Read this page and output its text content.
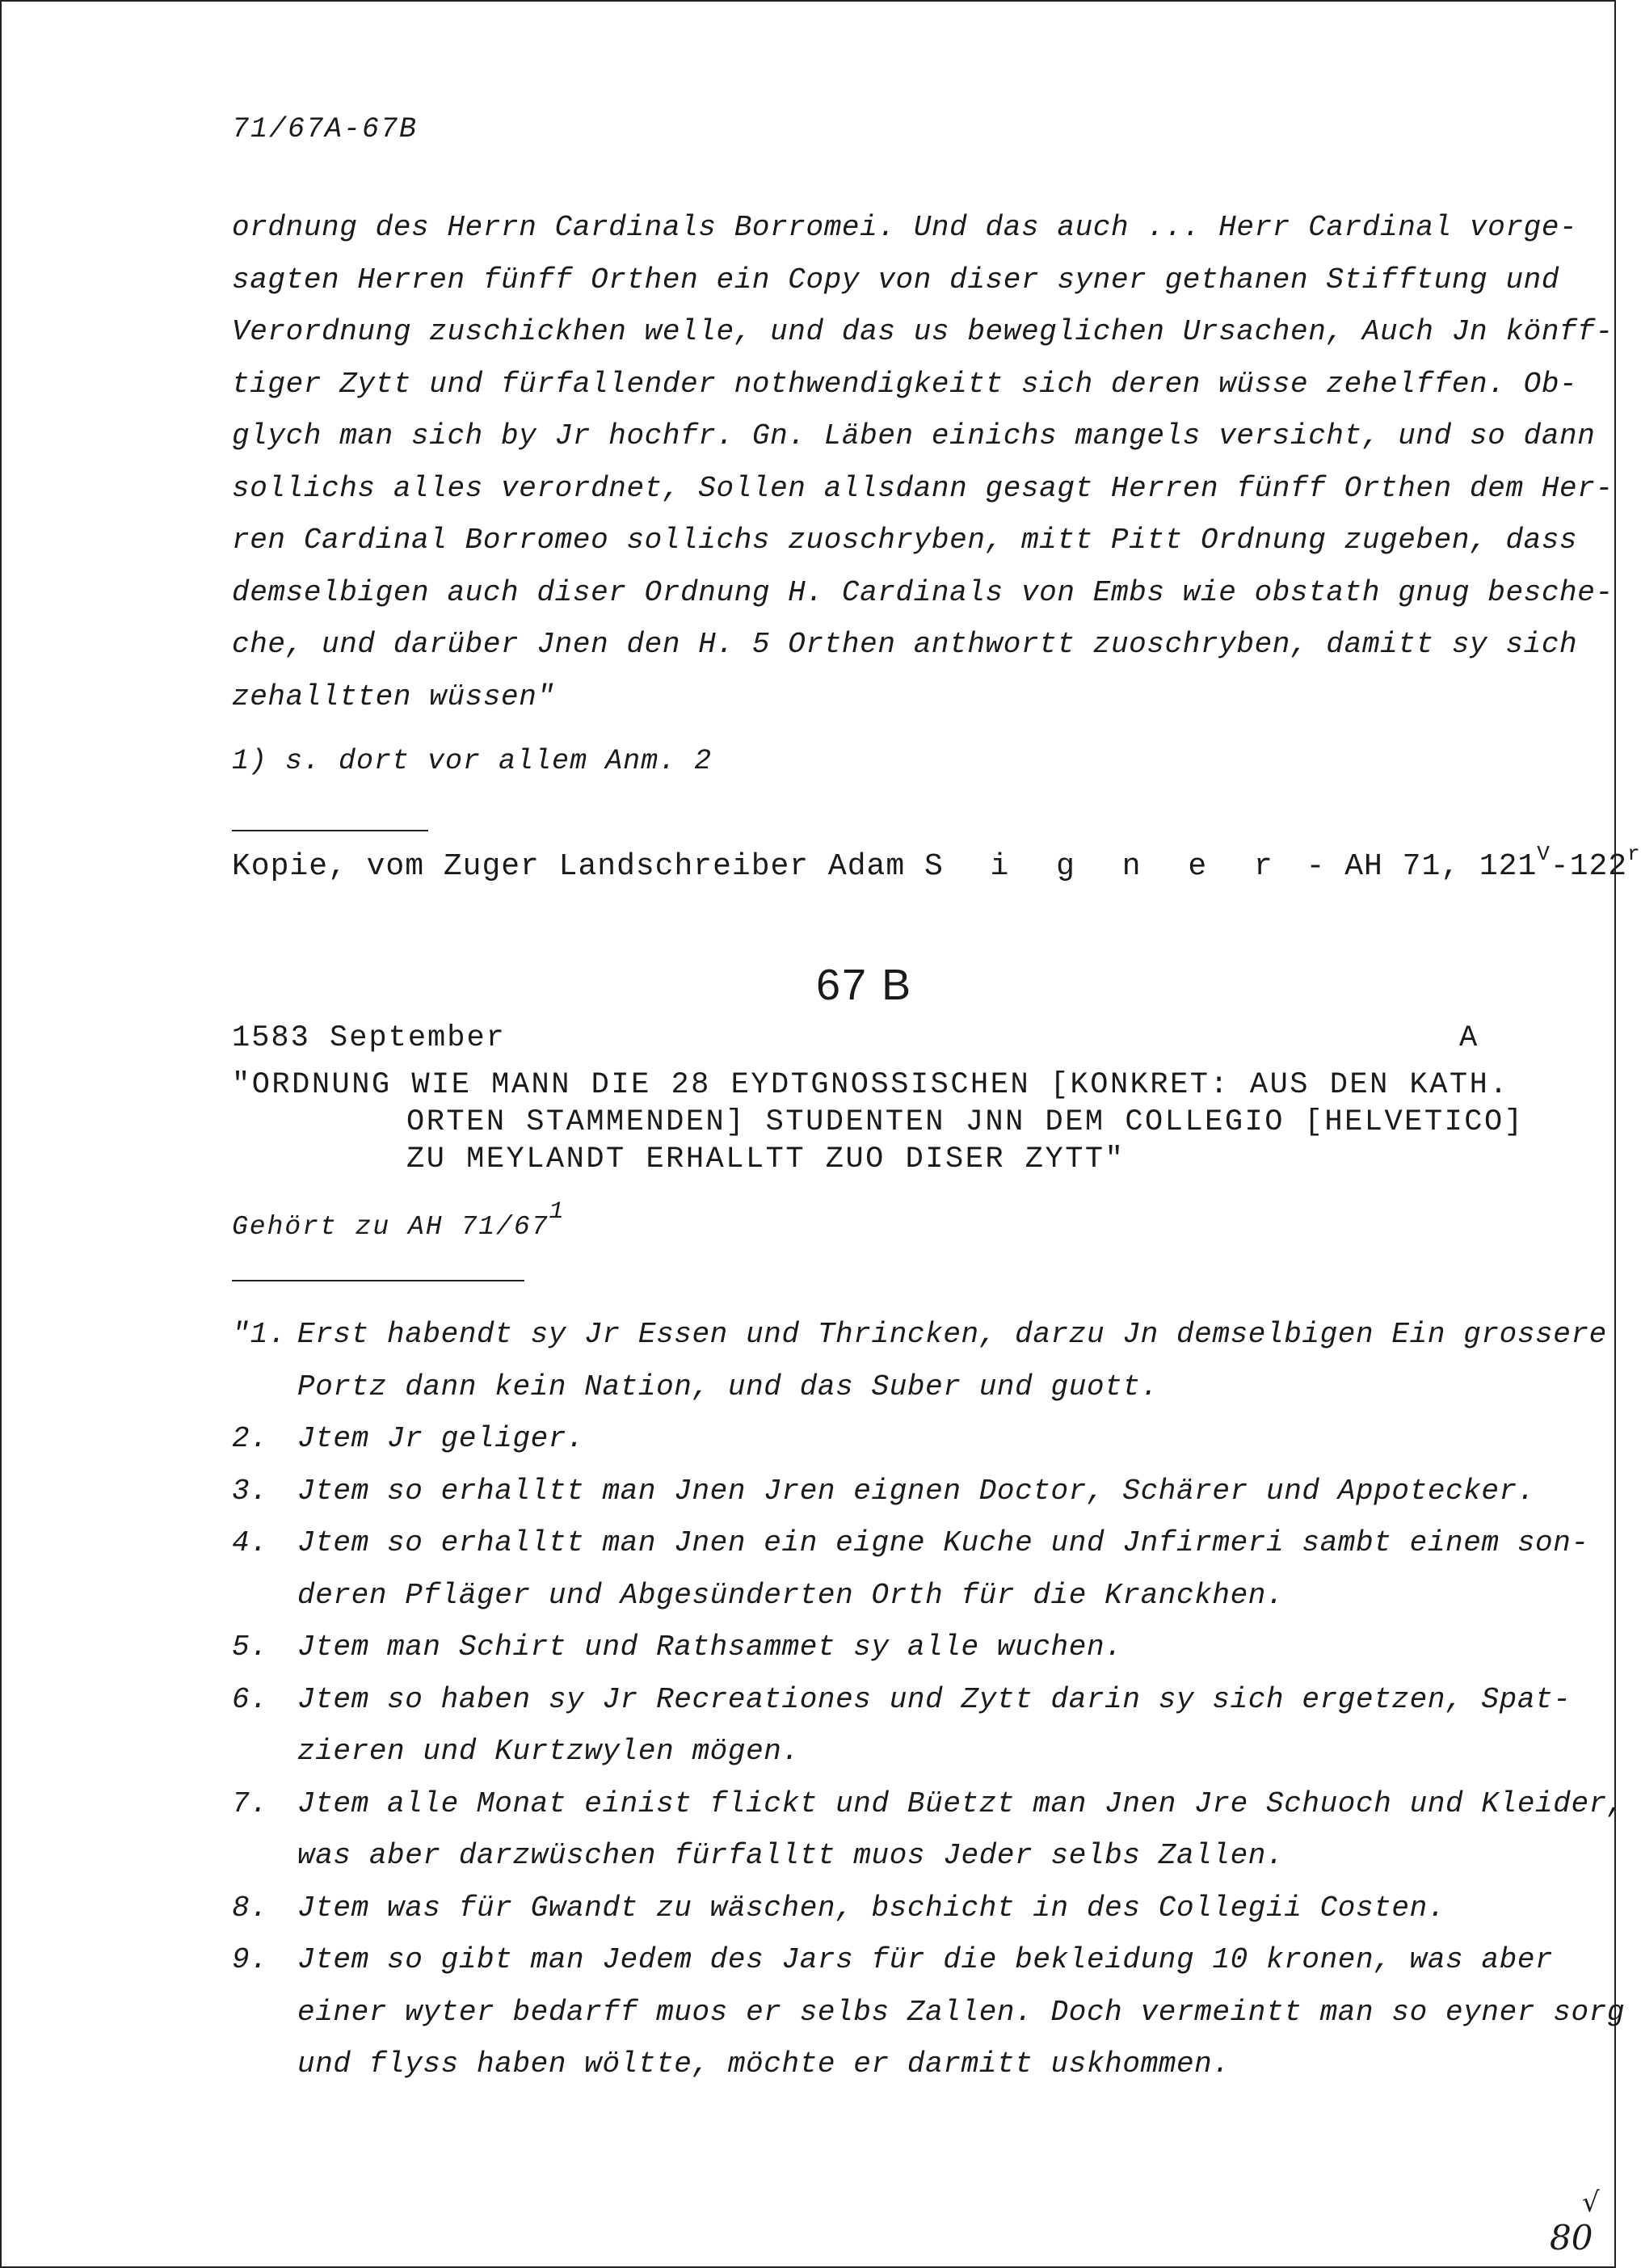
71/67A-67B
ordnung des Herrn Cardinals Borromei. Und das auch ... Herr Cardinal vorge-
sagten Herren fünff Orthen ein Copy von diser syner gethanen Stifftung und
Verordnung zuschickhen welle, und das us beweglichen Ursachen, Auch Jn könff-
tiger Zytt und fürfallender nothwendigkeitt sich deren wüsse zehelffen. Ob-
glych man sich by Jr hochfr. Gn. Läben einichs mangels versicht, und so dann
sollichs alles verordnet, Sollen allsdann gesagt Herren fünff Orthen dem Her-
ren Cardinal Borromeo sollichs zuoschryben, mitt Pitt Ordnung zugeben, dass
demselbigen auch diser Ordnung H. Cardinals von Embs wie obstath gnug besche-
che, und darüber Jnen den H. 5 Orthen anthwortt zuoschryben, damitt sy sich
zehalltten wüssen"
1) s. dort vor allem Anm. 2
Kopie, vom Zuger Landschreiber Adam S i g n e r - AH 71, $121^V-122^r$
67 B
1583 September	A
"ORDNUNG WIE MANN DIE 28 EYDTGNOSSISCHEN [KONKRET: AUS DEN KATH.
ORTEN STAMMENDEN] STUDENTEN JNN DEM COLLEGIO [HELVETICO]
ZU MEYLANDT ERHALLTT ZUO DISER ZYTT"
Gehört zu AH $71/67^1$
"1. Erst habendt sy Jr Essen und Thrincken, darzu Jn demselbigen Ein grossere
Portz dann kein Nation, und das Suber und guott.
2. Jtem Jr geliger.
3. Jtem so erhalltt man Jnen Jren eignen Doctor, Schärer und Appotecker.
4. Jtem so erhalltt man Jnen ein eigne Kuche und Jnfirmeri sambt einem son-
deren Pfläger und Abgesünderten Orth für die Kranckhen.
5. Jtem man Schirt und Rathsammet sy alle wuchen.
6. Jtem so haben sy Jr Recreationes und Zytt darin sy sich ergetzen, Spat-
zieren und Kurtzwylen mögen.
7. Jtem alle Monat einist flickt und Büetzt man Jnen Jre Schuoch und Kleider,
was aber darzwüschen fürfalltt muos Jeder selbs Zallen.
8. Jtem was für Gwandt zu wäschen, bschicht in des Collegii Costen.
9. Jtem so gibt man Jedem des Jars für die bekleidung 10 kronen, was aber
einer wyter bedarff muos er selbs Zallen. Doch vermeintt man so eyner sorg
und flyss haben wöltte, möchte er darmitt uskhommen.
√
80
